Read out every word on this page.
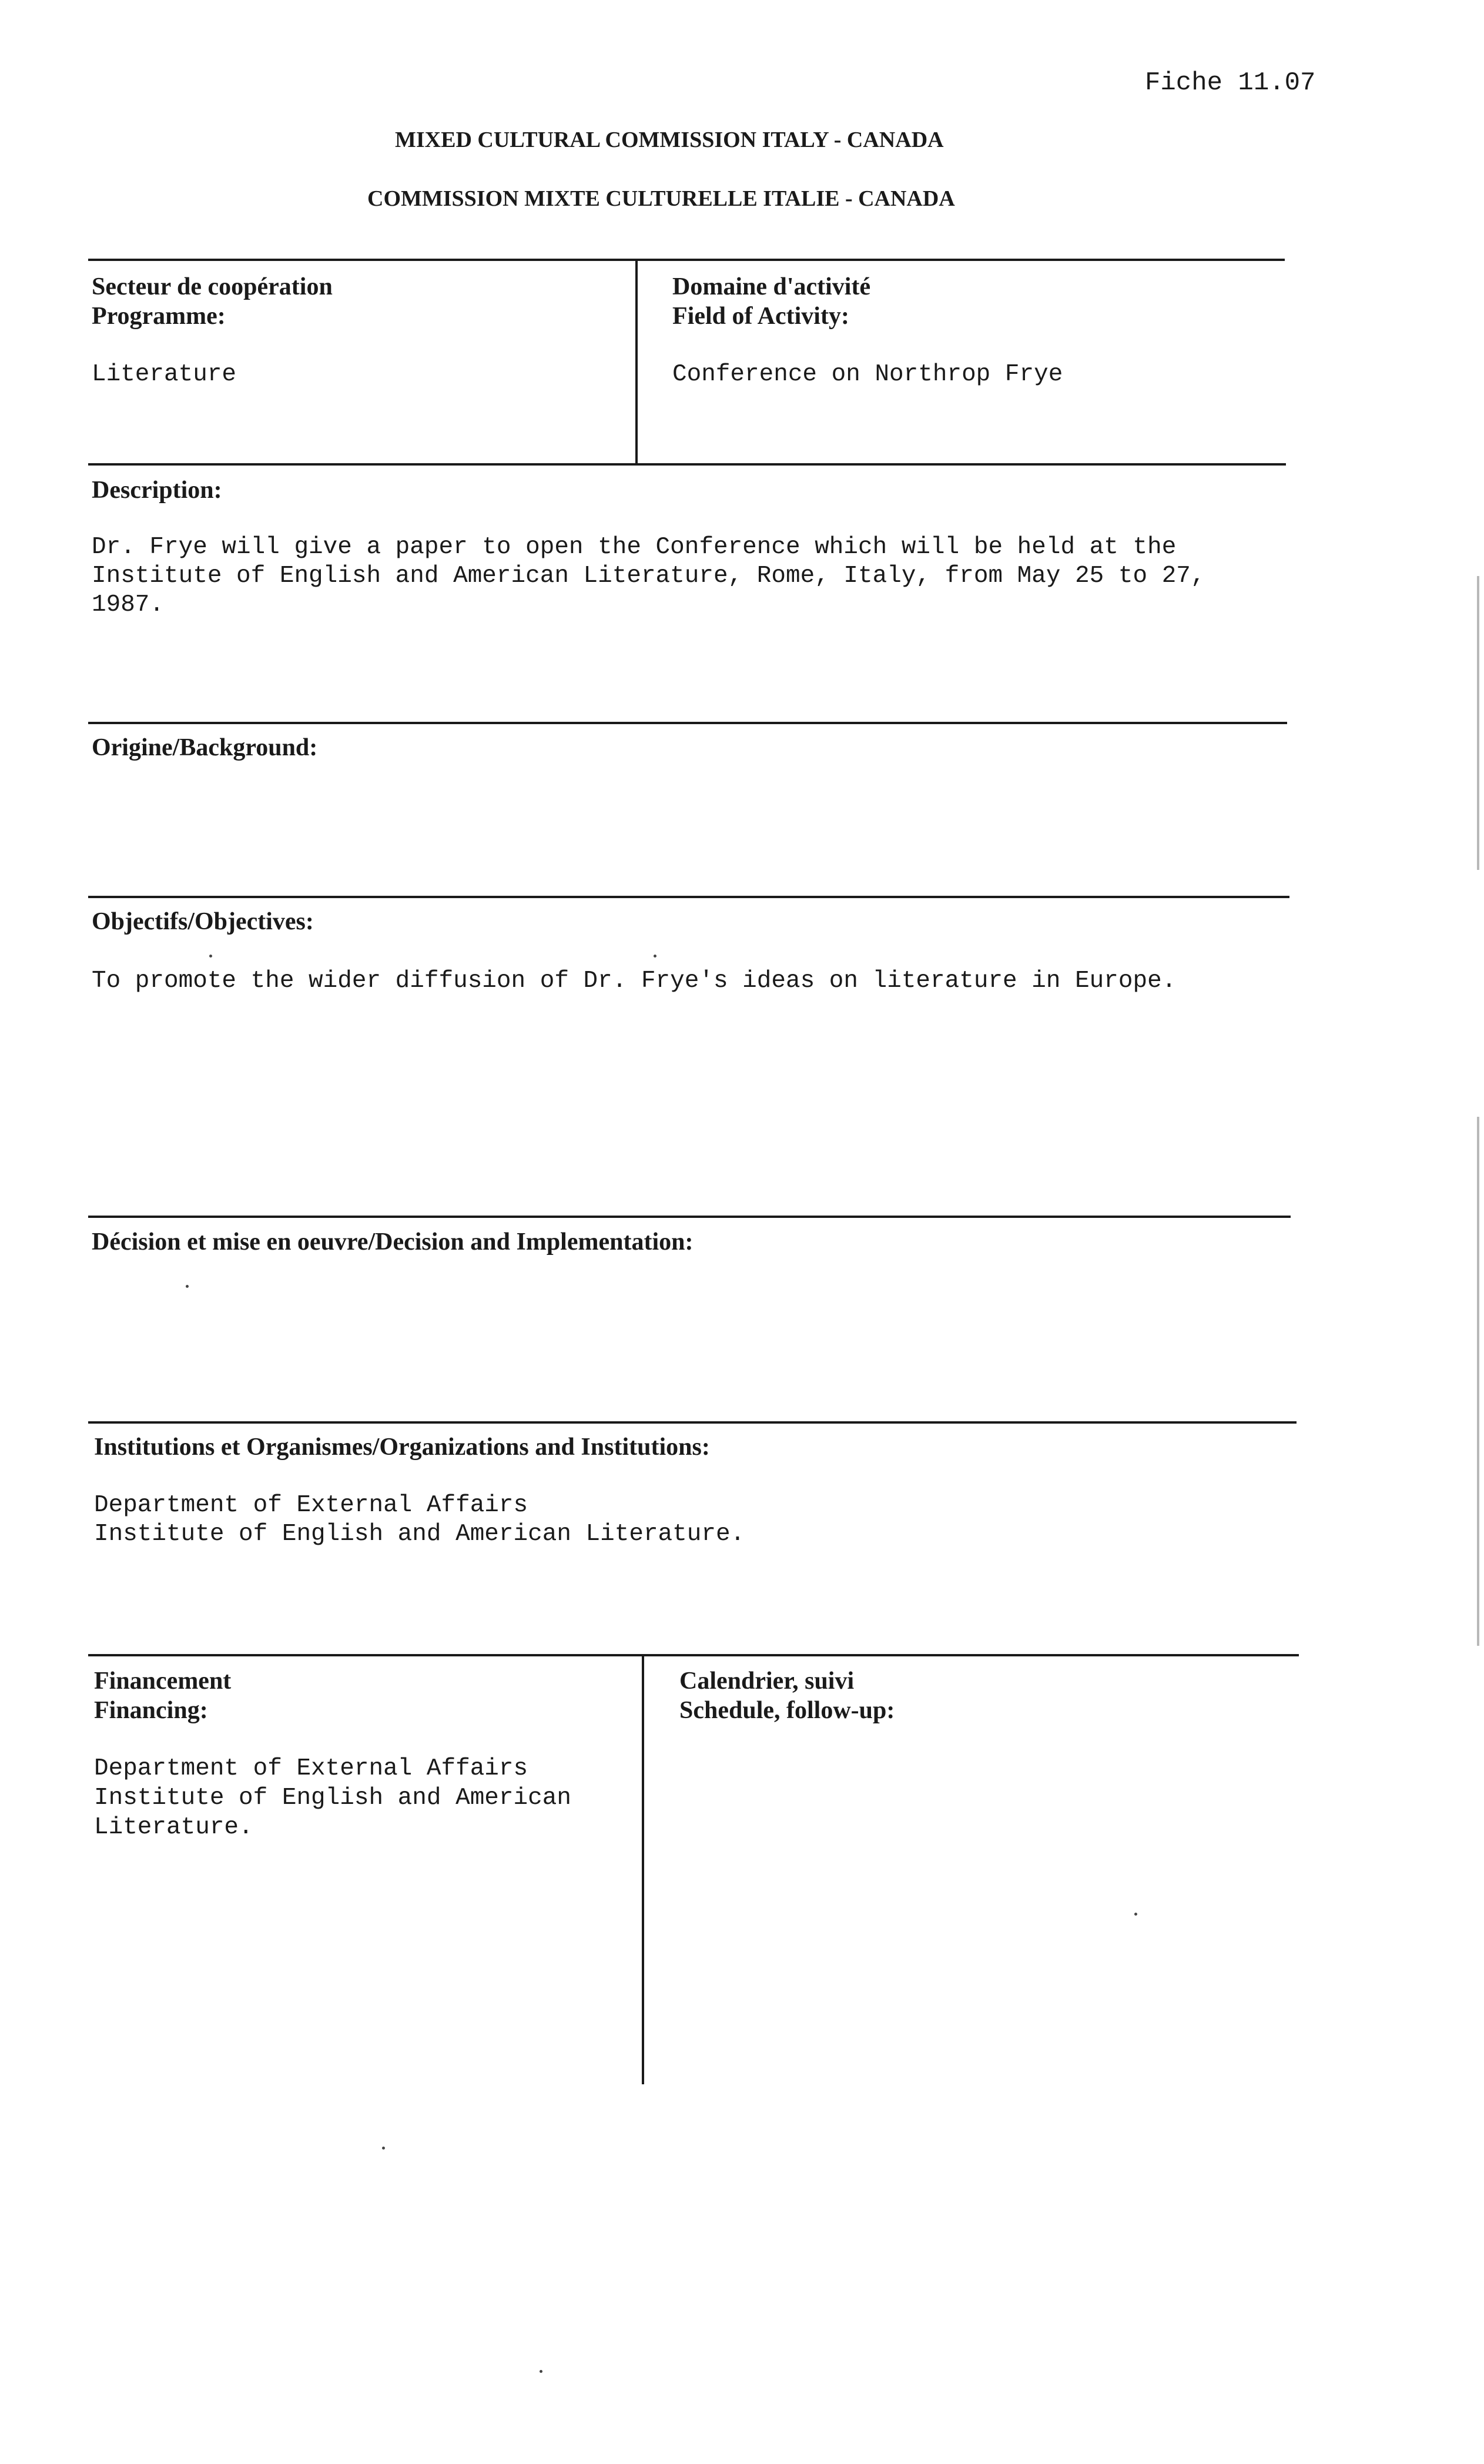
Fiche 11.07
MIXED CULTURAL COMMISSION ITALY - CANADA
COMMISSION MIXTE CULTURELLE ITALIE - CANADA
Secteur de coopération
Programme:
Literature
Domaine d'activité
Field of Activity:
Conference on Northrop Frye
Description:
Dr. Frye will give a paper to open the Conference which will be held at the
Institute of English and American Literature, Rome, Italy, from May 25 to 27,
1987.
Origine/Background:
Objectifs/Objectives:
To promote the wider diffusion of Dr. Frye's ideas on literature in Europe.
Décision et mise en oeuvre/Decision and Implementation:
Institutions et Organismes/Organizations and Institutions:
Department of External Affairs
Institute of English and American Literature.
Financement
Financing:
Department of External Affairs
Institute of English and American
Literature.
Calendrier, suivi
Schedule, follow-up:
